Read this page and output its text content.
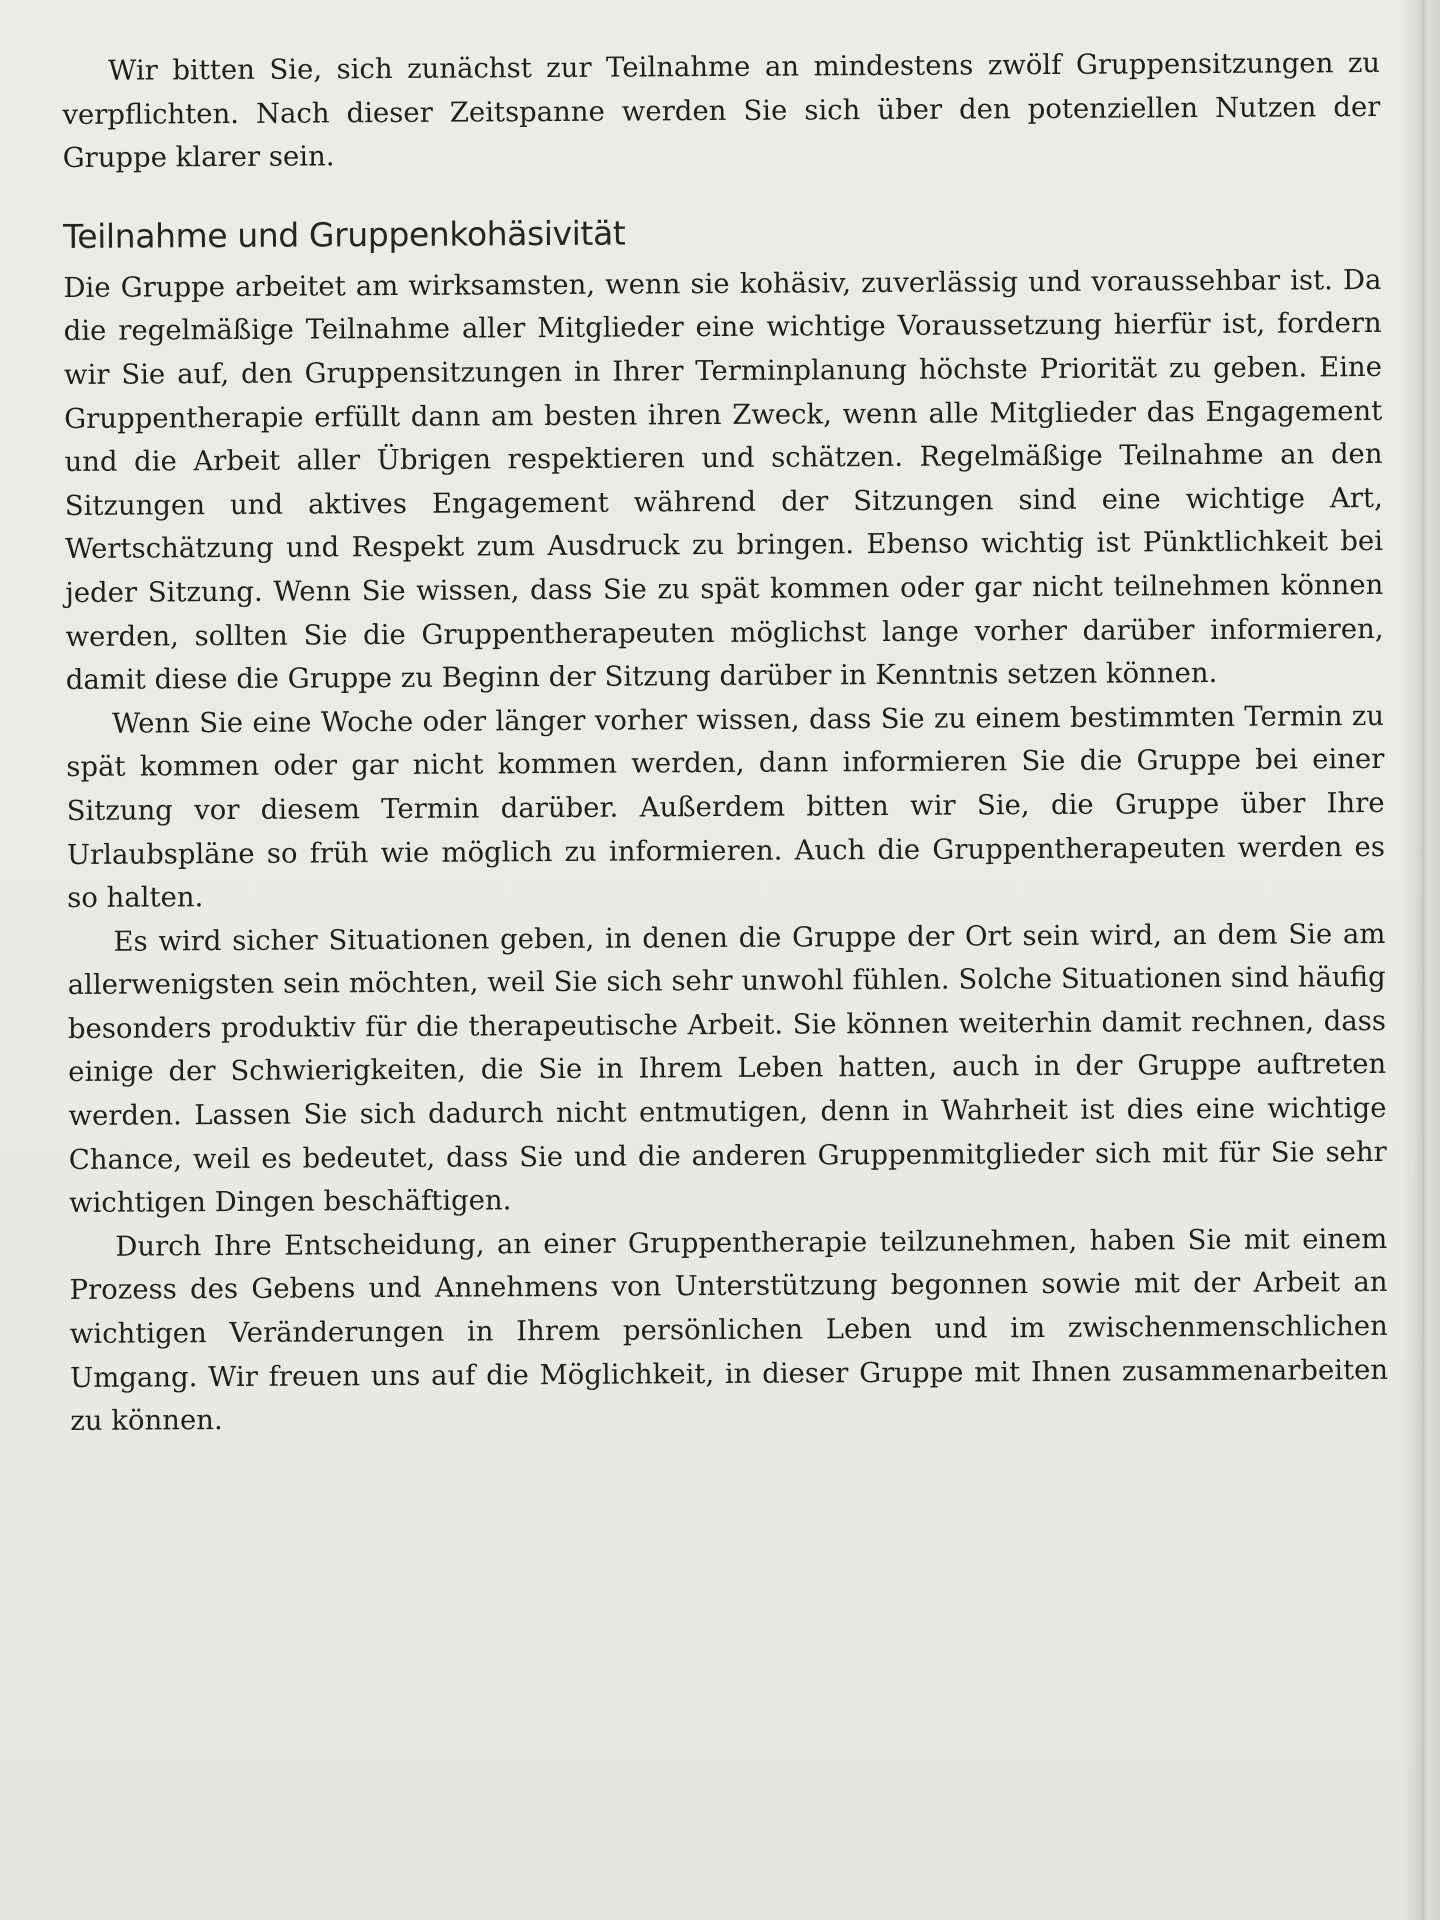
Wir bitten Sie, sich zunächst zur Teilnahme an mindestens zwölf Gruppensitzungen zu verpflichten. Nach dieser Zeitspanne werden Sie sich über den potenziellen Nutzen der Gruppe klarer sein.

Teilnahme und Gruppenkohäsivität

Die Gruppe arbeitet am wirksamsten, wenn sie kohäsiv, zuverlässig und voraussehbar ist. Da die regelmäßige Teilnahme aller Mitglieder eine wichtige Voraussetzung hierfür ist, fordern wir Sie auf, den Gruppensitzungen in Ihrer Terminplanung höchste Priorität zu geben. Eine Gruppentherapie erfüllt dann am besten ihren Zweck, wenn alle Mitglieder das Engagement und die Arbeit aller Übrigen respektieren und schätzen. Regelmäßige Teilnahme an den Sitzungen und aktives Engagement während der Sitzungen sind eine wichtige Art, Wertschätzung und Respekt zum Ausdruck zu bringen. Ebenso wichtig ist Pünktlichkeit bei jeder Sitzung. Wenn Sie wissen, dass Sie zu spät kommen oder gar nicht teilnehmen können werden, sollten Sie die Gruppentherapeuten möglichst lange vorher darüber informieren, damit diese die Gruppe zu Beginn der Sitzung darüber in Kenntnis setzen können.

Wenn Sie eine Woche oder länger vorher wissen, dass Sie zu einem bestimmten Termin zu spät kommen oder gar nicht kommen werden, dann informieren Sie die Gruppe bei einer Sitzung vor diesem Termin darüber. Außerdem bitten wir Sie, die Gruppe über Ihre Urlaubspläne so früh wie möglich zu informieren. Auch die Gruppentherapeuten werden es so halten.

Es wird sicher Situationen geben, in denen die Gruppe der Ort sein wird, an dem Sie am allerwenigsten sein möchten, weil Sie sich sehr unwohl fühlen. Solche Situationen sind häufig besonders produktiv für die therapeutische Arbeit. Sie können weiterhin damit rechnen, dass einige der Schwierigkeiten, die Sie in Ihrem Leben hatten, auch in der Gruppe auftreten werden. Lassen Sie sich dadurch nicht entmutigen, denn in Wahrheit ist dies eine wichtige Chance, weil es bedeutet, dass Sie und die anderen Gruppenmitglieder sich mit für Sie sehr wichtigen Dingen beschäftigen.

Durch Ihre Entscheidung, an einer Gruppentherapie teilzunehmen, haben Sie mit einem Prozess des Gebens und Annehmens von Unterstützung begonnen sowie mit der Arbeit an wichtigen Veränderungen in Ihrem persönlichen Leben und im zwischenmenschlichen Umgang. Wir freuen uns auf die Möglichkeit, in dieser Gruppe mit Ihnen zusammenarbeiten zu können.
